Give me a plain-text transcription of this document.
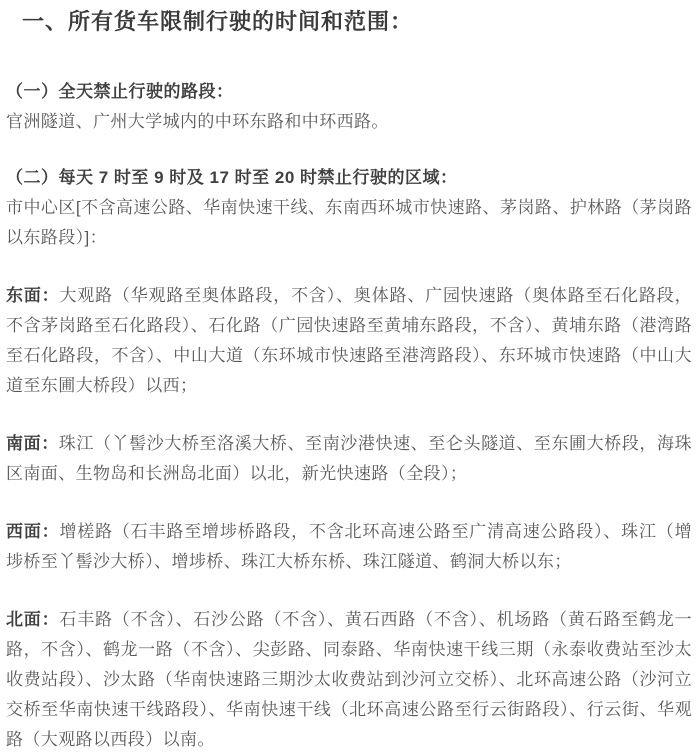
一、所有货车限制行驶的时间和范围：
（一）全天禁止行驶的路段：

官洲隧道、广州大学城内的中环东路和中环西路。

（二）每天 7 时至 9 时及 17 时至 20 时禁止行驶的区域：

市中心区[不含高速公路、华南快速干线、东南西环城市快速路、茅岗路、护林路（茅岗路以东路段）]：

东面：大观路（华观路至奥体路段，不含）、奥体路、广园快速路（奥体路至石化路段，不含茅岗路至石化路段）、石化路（广园快速路至黄埔东路段，不含）、黄埔东路（港湾路至石化路段，不含）、中山大道（东环城市快速路至港湾路段）、东环城市快速路（中山大道至东圃大桥段）以西；

南面：珠江（丫髻沙大桥至洛溪大桥、至南沙港快速、至仑头隧道、至东圃大桥段，海珠区南面、生物岛和长洲岛北面）以北，新光快速路（全段）；

西面：增槎路（石丰路至增埗桥路段，不含北环高速公路至广清高速公路段）、珠江（增埗桥至丫髻沙大桥）、增埗桥、珠江大桥东桥、珠江隧道、鹤洞大桥以东；

北面：石丰路（不含）、石沙公路（不含）、黄石西路（不含）、机场路（黄石路至鹤龙一路，不含）、鹤龙一路（不含）、尖彭路、同泰路、华南快速干线三期（永泰收费站至沙太收费站段）、沙太路（华南快速路三期沙太收费站到沙河立交桥）、北环高速公路（沙河立交桥至华南快速干线路段）、华南快速干线（北环高速公路至行云街路段）、行云街、华观路（大观路以西段）以南。
